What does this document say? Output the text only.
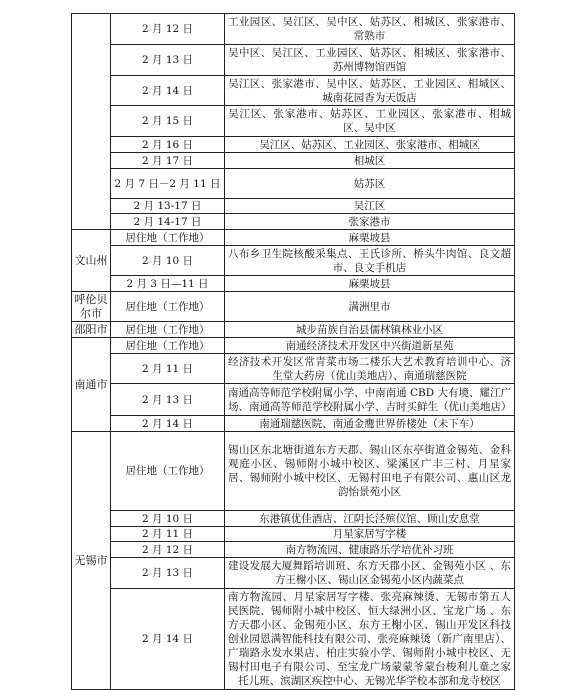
	2 月 12 日	工业园区、吴江区、吴中区、姑苏区、相城区、张家港市、常熟市
	2 月 13 日	吴中区、吴江区、工业园区、姑苏区、相城区、张家港市、苏州博物馆西馆
	2 月 14 日	吴江区、张家港市、吴中区、姑苏区、工业园区、相城区、城南花园香为天饭店
	2 月 15 日	吴江区、张家港市、姑苏区、工业园区、张家港市、相城区、吴中区
	2 月 16 日	吴江区、姑苏区、工业园区、张家港市、相城区
	2 月 17 日	相城区
	2 月 7 日－2 月 11 日	姑苏区
	2 月 13-17 日	吴江区
	2 月 14-17 日	张家港市
文山州	居住地（工作地）	麻栗坡县
	2 月 10 日	八布乡卫生院核酸采集点、王氏诊所、桥头牛肉馆、良文超市、良文手机店
	2 月 3 日—11 日	麻栗坡县
呼伦贝尔市	居住地（工作地）	满洲里市
邵阳市	居住地（工作地）	城步苗族自治县儒林镇林业小区
南通市	居住地（工作地）	南通经济技术开发区中兴街道新星苑
	2 月 11 日	经济技术开发区常青菜市场二楼乐大艺术教育培训中心、济生堂大药房（优山美地店）、南通瑞慈医院
	2 月 13 日	南通高等师范学校附属小学、中南南通 CBD 大有境、耀江广场、南通高等师范学校附属小学、吉时买鲜生（优山美地店）
	2 月 14 日	南通瑞慈医院、南通金鹰世界侨楼处（未下车）
无锡市	居住地（工作地）	锡山区东北塘街道东方天郡、锡山区东亭街道金锡苑、金科观庭小区、锡师附小城中校区、梁溪区广丰三村、月星家居、锡师附小城中校区、无锡村田电子有限公司、惠山区龙韵怡景苑小区
	2 月 10 日	东港镇优佳酒店、江阴长泾殡仪馆、顾山安息堂
	2 月 11 日	月星家居写字楼
	2 月 12 日	南方物流园、健康路乐学培优补习班
	2 月 13 日	建设发展大厦舞蹈培训班、东方天郡小区、金锡苑小区 、东方王榭小区、锡山区金锡苑小区内蔬菜点
	2 月 14 日	南方物流园、月星家居写字楼、张亮麻辣烫、无锡市第五人民医院、锡师附小城中校区、恒大绿洲小区、宝龙广场 、东方天郡小区、金锡苑小区、东方王榭小区、锡山开发区科技创业园恩满智能科技有限公司、张亮麻辣烫（新广南里店）、广瑞路永发水果店、柏庄实验小学、锡师附小城中校区、无锡村田电子有限公司、至宝龙广场蒙蒙爷蒙台梭利儿童之家托儿班、滨湖区疾控中心、无锡光华学校本部和龙寺校区
